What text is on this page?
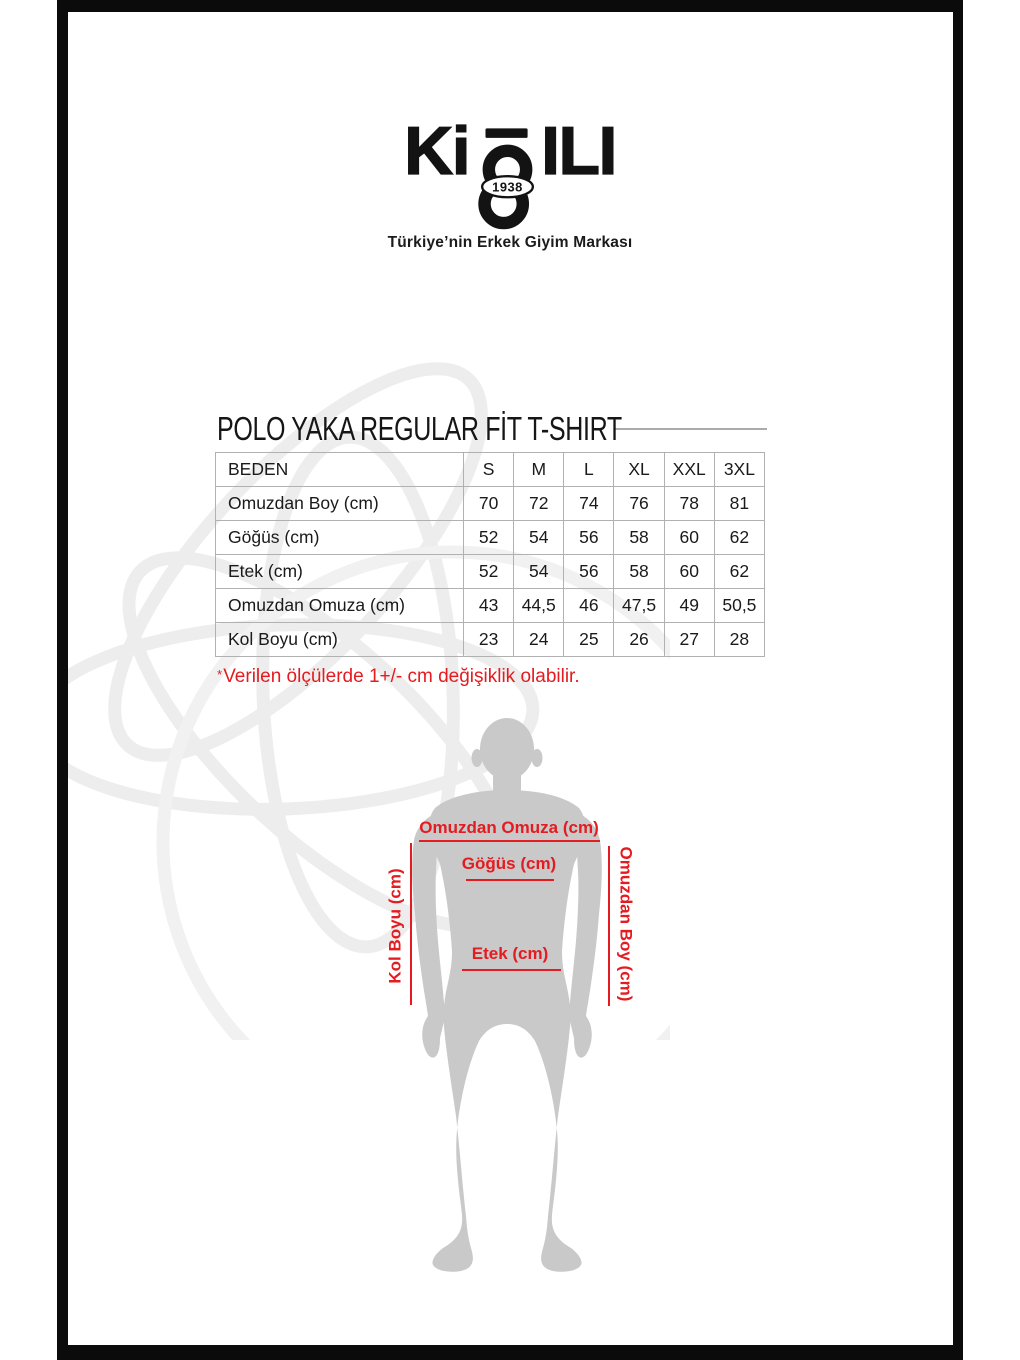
Ki 1938 ILI
Türkiye’nin Erkek Giyim Markası
POLO YAKA REGULAR FİT T-SHIRT
BEDEN	S	M	L	XL	XXL	3XL
Omuzdan Boy (cm)	70	72	74	76	78	81
Göğüs (cm)	52	54	56	58	60	62
Etek (cm)	52	54	56	58	60	62
Omuzdan Omuza (cm)	43	44,5	46	47,5	49	50,5
Kol Boyu (cm)	23	24	25	26	27	28
*Verilen ölçülerde 1+/- cm değişiklik olabilir.
Omuzdan Omuza (cm)
Göğüs (cm)
Etek (cm)
Kol Boyu (cm)	Omuzdan Boy (cm)
